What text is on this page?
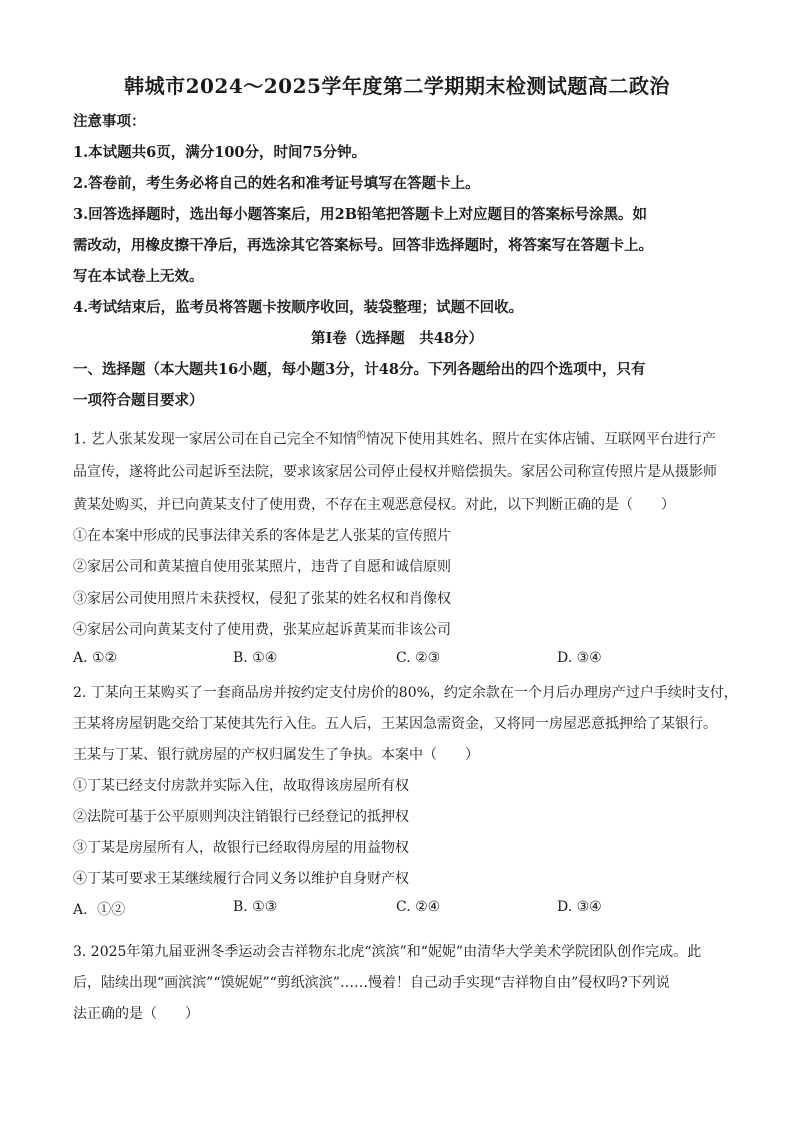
韩城市2024～2025学年度第二学期期末检测试题高二政治
注意事项：
1.本试题共6页，满分100分，时间75分钟。
2.答卷前，考生务必将自己的姓名和准考证号填写在答题卡上。
3.回答选择题时，选出每小题答案后，用2B铅笔把答题卡上对应题目的答案标号涂黑。如
需改动，用橡皮擦干净后，再选涂其它答案标号。回答非选择题时，将答案写在答题卡上。
写在本试卷上无效。
4.考试结束后，监考员将答题卡按顺序收回，装袋整理；试题不回收。
第Ⅰ卷（选择题　共48分）
一、选择题（本大题共16小题，每小题3分，计48分。下列各题给出的四个选项中，只有
一项符合题目要求）
1. 艺人张某发现一家居公司在自己完全不知情$^的$情况下使用其姓名、照片在实体店铺、互联网平台进行产
品宣传，遂将此公司起诉至法院，要求该家居公司停止侵权并赔偿损失。家居公司称宣传照片是从摄影师
黄某处购买，并已向黄某支付了使用费，不存在主观恶意侵权。对此，以下判断正确的是（　　）
①在本案中形成的民事法律关系的客体是艺人张某的宣传照片
②家居公司和黄某擅自使用张某照片，违背了自愿和诚信原则
③家居公司使用照片未获授权，侵犯了张某的姓名权和肖像权
④家居公司向黄某支付了使用费，张某应起诉黄某而非该公司
A. ①②	B. ①④	C. ②③	D. ③④
2. 丁某向王某购买了一套商品房并按约定支付房价的80%，约定余款在一个月后办理房产过户手续时支付，
王某将房屋钥匙交给丁某使其先行入住。五人后，王某因急需资金，又将同一房屋恶意抵押给了某银行。
王某与丁某、银行就房屋的产权归属发生了争执。本案中（　　）
①丁某已经支付房款并实际入住，故取得该房屋所有权
②法院可基于公平原则判决注销银行已经登记的抵押权
③丁某是房屋所有人，故银行已经取得房屋的用益物权
④丁某可要求王某继续履行合同义务以维护自身财产权
A．①②	B. ①③	C. ②④	D. ③④
3. 2025年第九届亚洲冬季运动会吉祥物东北虎“滨滨”和“妮妮”由清华大学美术学院团队创作完成。此
后，陆续出现“画滨滨”“馍妮妮”“剪纸滨滨”……慢着！自己动手实现“吉祥物自由”侵权吗?下列说
法正确的是（　　）
